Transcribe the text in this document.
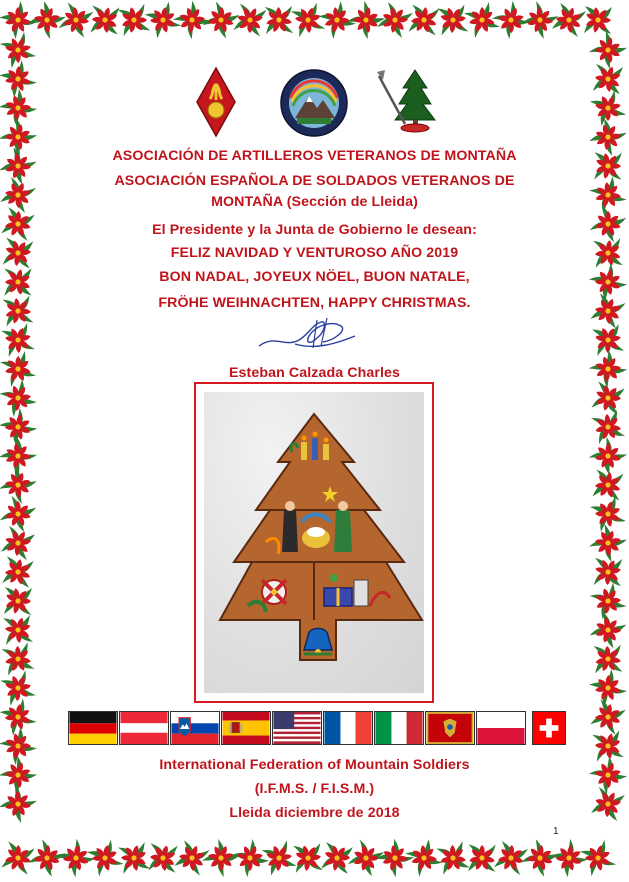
ASOCIACIÓN DE ARTILLEROS VETERANOS DE MONTAÑA
ASOCIACIÓN ESPAÑOLA DE SOLDADOS VETERANOS DE
MONTAÑA (Sección de Lleida)
El Presidente y la Junta de Gobierno le desean:
FELIZ NAVIDAD Y VENTUROSO AÑO 2019
BON NADAL, JOYEUX NÖEL, BUON NATALE,
FRÖHE WEIHNACHTEN, HAPPY CHRISTMAS.
Esteban Calzada Charles
International Federation of Mountain Soldiers
(I.F.M.S. / F.I.S.M.)
Lleida diciembre de 2018
1
